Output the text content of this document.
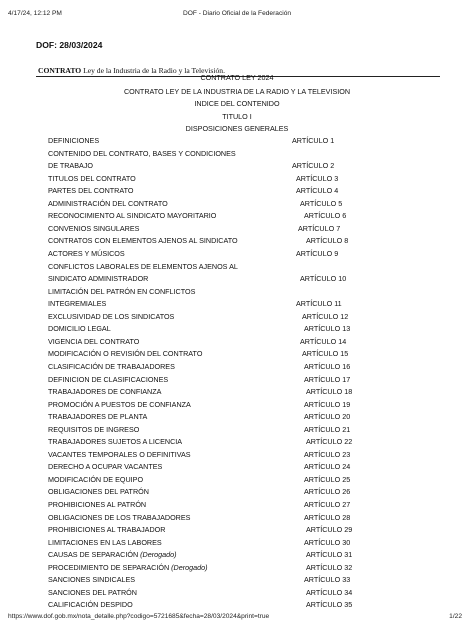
4/17/24, 12:12 PM	DOF - Diario Oficial de la Federación
DOF: 28/03/2024

CONTRATO Ley de la Industria de la Radio y la Televisión.

CONTRATO LEY 2024
CONTRATO LEY DE LA INDUSTRIA DE LA RADIO Y LA TELEVISION
INDICE DEL CONTENIDO
TITULO I
DISPOSICIONES GENERALES
DEFINICIONES	ARTÍCULO 1
CONTENIDO DEL CONTRATO, BASES Y CONDICIONES
DE TRABAJO	ARTÍCULO 2
TITULOS DEL CONTRATO	ARTÍCULO 3
PARTES DEL CONTRATO	ARTÍCULO 4
ADMINISTRACIÓN DEL CONTRATO	ARTÍCULO 5
RECONOCIMIENTO AL SINDICATO MAYORITARIO	ARTÍCULO 6
CONVENIOS SINGULARES	ARTÍCULO 7
CONTRATOS CON ELEMENTOS AJENOS AL SINDICATO	ARTÍCULO 8
ACTORES Y MÚSICOS	ARTÍCULO 9
CONFLICTOS LABORALES DE ELEMENTOS AJENOS AL
SINDICATO ADMINISTRADOR	ARTÍCULO 10
LIMITACIÓN DEL PATRÓN EN CONFLICTOS
INTEGREMIALES	ARTÍCULO 11
EXCLUSIVIDAD DE LOS SINDICATOS	ARTÍCULO 12
DOMICILIO LEGAL	ARTÍCULO 13
VIGENCIA DEL CONTRATO	ARTÍCULO 14
MODIFICACIÓN O REVISIÓN DEL CONTRATO	ARTÍCULO 15
CLASIFICACIÓN DE TRABAJADORES	ARTÍCULO 16
DEFINICION DE CLASIFICACIONES	ARTÍCULO 17
TRABAJADORES DE CONFIANZA	ARTÍCULO 18
PROMOCIÓN A PUESTOS DE CONFIANZA	ARTÍCULO 19
TRABAJADORES DE PLANTA	ARTÍCULO 20
REQUISITOS DE INGRESO	ARTÍCULO 21
TRABAJADORES SUJETOS A LICENCIA	ARTÍCULO 22
VACANTES TEMPORALES O DEFINITIVAS	ARTÍCULO 23
DERECHO A OCUPAR VACANTES	ARTÍCULO 24
MODIFICACIÓN DE EQUIPO	ARTÍCULO 25
OBLIGACIONES DEL PATRÓN	ARTÍCULO 26
PROHIBICIONES AL PATRÓN	ARTÍCULO 27
OBLIGACIONES DE LOS TRABAJADORES	ARTÍCULO 28
PROHIBICIONES AL TRABAJADOR	ARTÍCULO 29
LIMITACIONES EN LAS LABORES	ARTÍCULO 30
CAUSAS DE SEPARACIÓN (Derogado)	ARTÍCULO 31
PROCEDIMIENTO DE SEPARACIÓN (Derogado)	ARTÍCULO 32
SANCIONES SINDICALES	ARTÍCULO 33
SANCIONES DEL PATRÓN	ARTÍCULO 34
CALIFICACIÓN DESPIDO	ARTÍCULO 35
https://www.dof.gob.mx/nota_detalle.php?codigo=5721685&fecha=28/03/2024&print=true	1/22
